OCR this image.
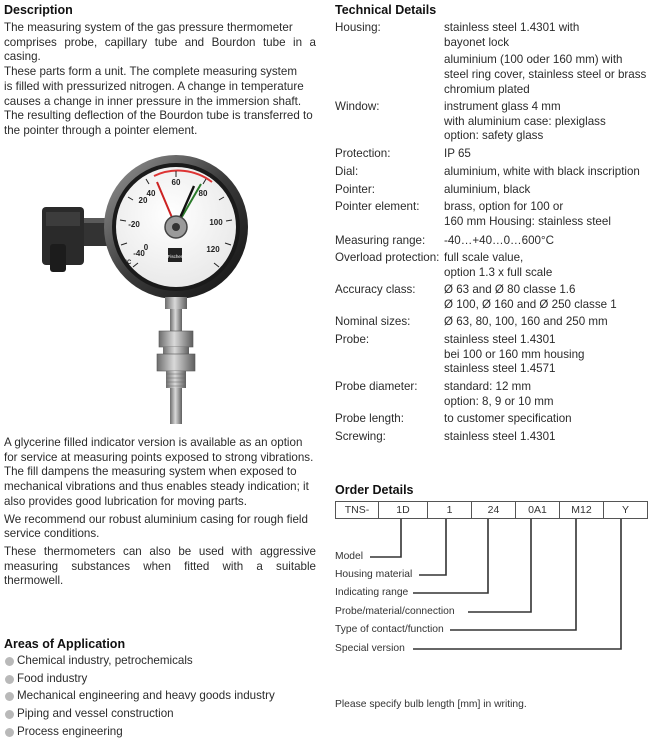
Description

The measuring system of the gas pressure thermometer

comprises probe, capillary tube and Bourdon tube in a casing.

These parts form a unit. The complete measuring system

is filled with pressurized nitrogen. A change in temperature

causes a change in inner pressure in the immersion shaft.

The resulting deflection of the Bourdon tube is transferred to

the pointer through a pointer element.

-40
-20
0
20
40
60
80
100
120
°C
Fischer

A glycerine filled indicator version is available as an option

for service at measuring points exposed to strong vibrations.

The fill dampens the measuring system when exposed to

mechanical vibrations and thus enables steady indication; it

also provides good lubrication for moving parts.

We recommend our robust aluminium casing for rough field

service conditions.

These thermometers can also be used with aggressive

measuring substances when fitted with a suitable

thermowell.

Areas of Application
Chemical industry, petrochemicals
Food industry
Mechanical engineering and heavy goods industry
Piping and vessel construction
Process engineering
Technical Details
Housing:	stainless steel 1.4301 with
bayonet lock
aluminium (100 oder 160 mm) with
steel ring cover, stainless steel or brass
chromium plated
Window:	instrument glass 4 mm
with aluminium case: plexiglass
option: safety glass
Protection:	IP 65
Dial:	aluminium, white with black inscription
Pointer:	aluminium, black
Pointer element:	brass, option for 100 or
160 mm Housing: stainless steel
Measuring range:	-40…+40…0…600°C
Overload protection: full scale value,
option 1.3 x full scale
Accuracy class:	Ø 63 and Ø 80 classe 1.6
Ø 100, Ø 160 and Ø 250 classe 1
Nominal sizes:	Ø 63, 80, 100, 160 and 250 mm
Probe:	stainless steel 1.4301
bei 100 or 160 mm housing
stainless steel 1.4571
Probe diameter:	standard: 12 mm
option: 8, 9 or 10 mm
Probe length:	to customer specification
Screwing:	stainless steel 1.4301
Order Details
TNS-	1D	1	24	0A1	M12	Y
Model
Housing material
Indicating range
Probe/material/connection
Type of contact/function
Special version
Please specify bulb length [mm] in writing.
